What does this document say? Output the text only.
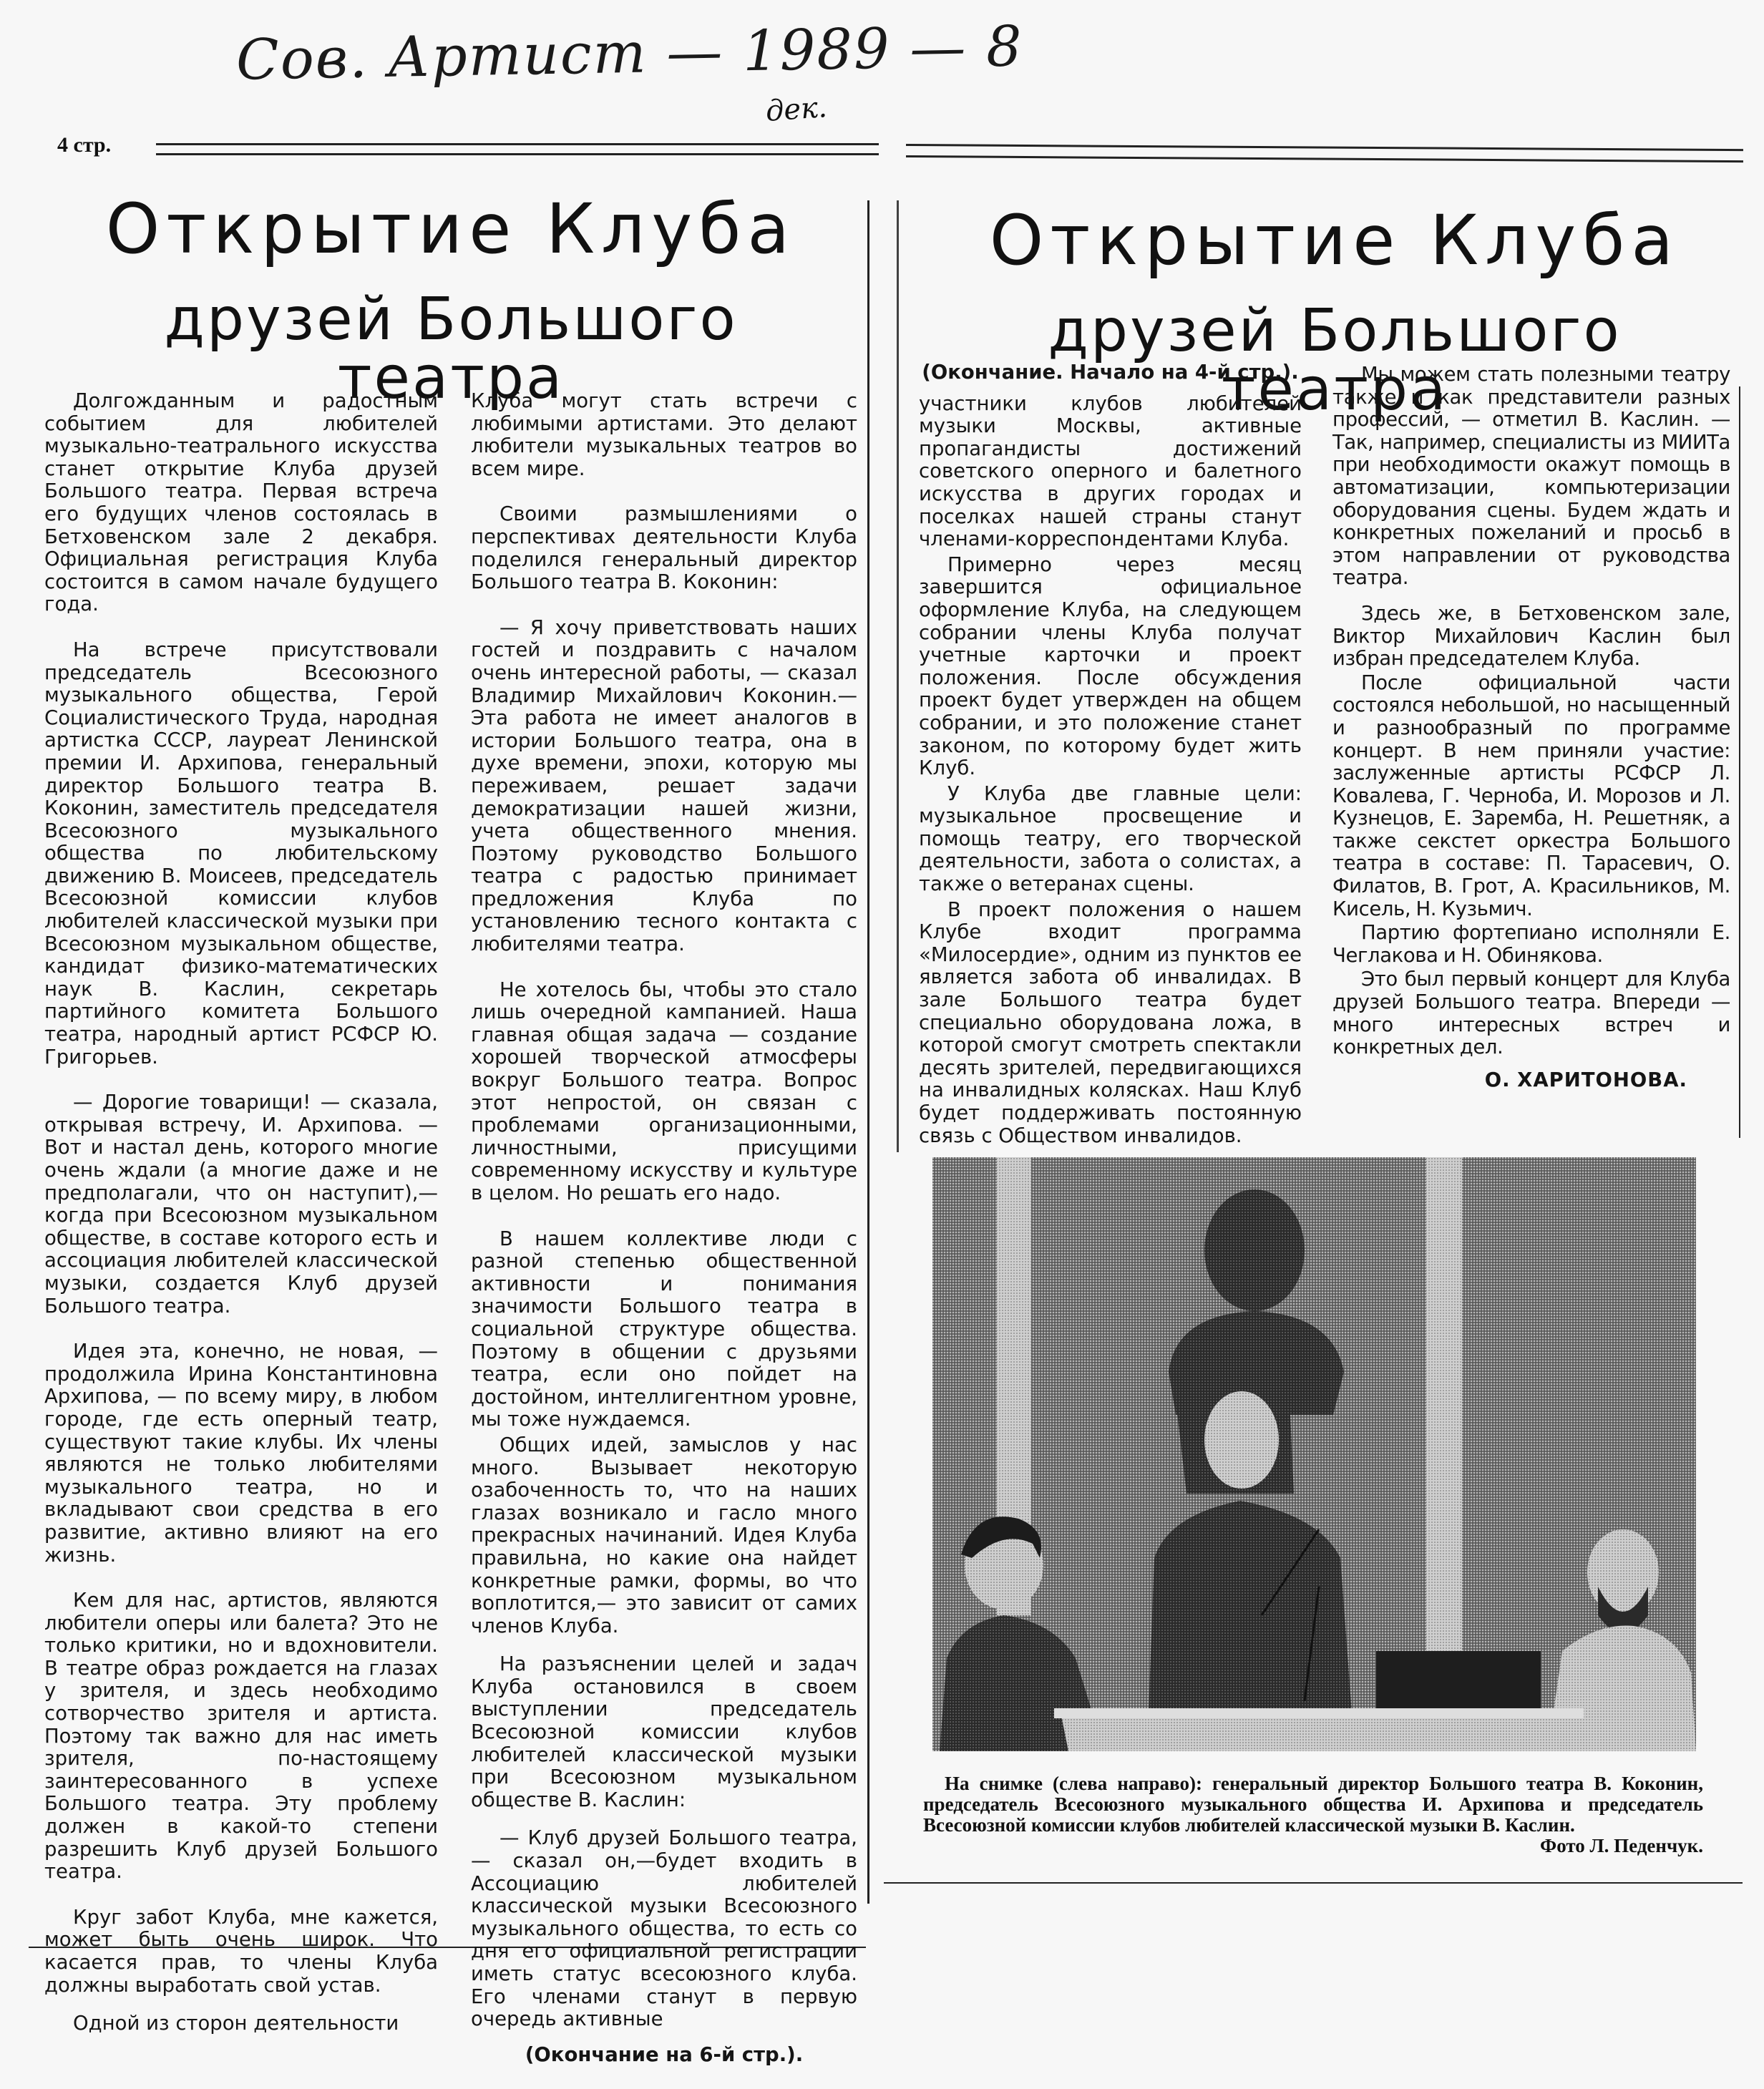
Сов. Артист — 1989 — 8
дек.
4 стр.
Открытие Клуба
друзей Большого театра
Открытие Клуба
друзей Большого театра

Долгожданным и радостным событием для любителей музыкально-театрального искусства станет открытие Клуба друзей Большого театра. Первая встреча его будущих членов состоялась в Бетховенском зале 2 декабря. Официальная регистрация Клуба состоится в самом начале будущего года.

На встрече присутствовали председатель Всесоюзного музыкального общества, Герой Социалистического Труда, народная артистка СССР, лауреат Ленинской премии И. Архипова, генеральный директор Большого театра В. Коконин, заместитель председателя Всесоюзного музыкального общества по любительскому движению В. Моисеев, председатель Всесоюзной комиссии клубов любителей классической музыки при Всесоюзном музыкальном обществе, кандидат физико-математических наук В. Каслин, секретарь партийного комитета Большого театра, народный артист РСФСР Ю. Григорьев.

— Дорогие товарищи! — сказала, открывая встречу, И. Архипова. — Вот и настал день, которого многие очень ждали (а многие даже и не предполагали, что он наступит),— когда при Всесоюзном музыкальном обществе, в составе которого есть и ассоциация любителей классической музыки, создается Клуб друзей Большого театра.

Идея эта, конечно, не новая, — продолжила Ирина Константиновна Архипова, — по всему миру, в любом городе, где есть оперный театр, существуют такие клубы. Их члены являются не только любителями музыкального театра, но и вкладывают свои средства в его развитие, активно влияют на его жизнь.

Кем для нас, артистов, являются любители оперы или балета? Это не только критики, но и вдохновители. В театре образ рождается на глазах у зрителя, и здесь необходимо сотворчество зрителя и артиста. Поэтому так важно для нас иметь зрителя, по-настоящему заинтересованного в успехе Большого театра. Эту проблему должен в какой-то степени разрешить Клуб друзей Большого театра.

Круг забот Клуба, мне кажется, может быть очень широк. Что касается прав, то члены Клуба должны выработать свой устав.

Одной из сторон деятельности

Клуба могут стать встречи с любимыми артистами. Это делают любители музыкальных театров во всем мире.

Своими размышлениями о перспективах деятельности Клуба поделился генеральный директор Большого театра В. Коконин:

— Я хочу приветствовать наших гостей и поздравить с началом очень интересной работы, — сказал Владимир Михайлович Коконин.—Эта работа не имеет аналогов в истории Большого театра, она в духе времени, эпохи, которую мы переживаем, решает задачи демократизации нашей жизни, учета общественного мнения. Поэтому руководство Большого театра с радостью принимает предложения Клуба по установлению тесного контакта с любителями театра.

Не хотелось бы, чтобы это стало лишь очередной кампанией. Наша главная общая задача — создание хорошей творческой атмосферы вокруг Большого театра. Вопрос этот непростой, он связан с проблемами организационными, личностными, присущими современному искусству и культуре в целом. Но решать его надо.

В нашем коллективе люди с разной степенью общественной активности и понимания значимости Большого театра в социальной структуре общества. Поэтому в общении с друзьями театра, если оно пойдет на достойном, интеллигентном уровне, мы тоже нуждаемся.

Общих идей, замыслов у нас много. Вызывает некоторую озабоченность то, что на наших глазах возникало и гасло много прекрасных начинаний. Идея Клуба правильна, но какие она найдет конкретные рамки, формы, во что воплотится,— это зависит от самих членов Клуба.

На разъяснении целей и задач Клуба остановился в своем выступлении председатель Всесоюзной комиссии клубов любителей классической музыки при Всесоюзном музыкальном обществе В. Каслин:

— Клуб друзей Большого театра,— сказал он,—будет входить в Ассоциацию любителей классической музыки Всесоюзного музыкального общества, то есть со дня его официальной регистрации иметь статус всесоюзного клуба. Его членами станут в первую очередь активные

(Окончание на 6-й стр.).

(Окончание. Начало на 4-й стр.).

участники клубов любителей музыки Москвы, активные пропагандисты достижений советского оперного и балетного искусства в других городах и поселках нашей страны станут членами-корреспондентами Клуба.

Примерно через месяц завершится официальное оформление Клуба, на следующем собрании члены Клуба получат учетные карточки и проект положения. После обсуждения проект будет утвержден на общем собрании, и это положение станет законом, по которому будет жить Клуб.

У Клуба две главные цели: музыкальное просвещение и помощь театру, его творческой деятельности, забота о солистах, а также о ветеранах сцены.

В проект положения о нашем Клубе входит программа «Милосердие», одним из пунктов ее является забота об инвалидах. В зале Большого театра будет специально оборудована ложа, в которой смогут смотреть спектакли десять зрителей, передвигающихся на инвалидных колясках. Наш Клуб будет поддерживать постоянную связь с Обществом инвалидов.

Мы можем стать полезными театру также и как представители разных профессий, — отметил В. Каслин. — Так, например, специалисты из МИИТа при необходимости окажут помощь в автоматизации, компьютеризации оборудования сцены. Будем ждать и конкретных пожеланий и просьб в этом направлении от руководства театра.

Здесь же, в Бетховенском зале, Виктор Михайлович Каслин был избран председателем Клуба.

После официальной части состоялся небольшой, но насыщенный и разнообразный по программе концерт. В нем приняли участие: заслуженные артисты РСФСР Л. Ковалева, Г. Черноба, И. Морозов и Л. Кузнецов, Е. Заремба, Н. Решетняк, а также секстет оркестра Большого театра в составе: П. Тарасевич, О. Филатов, В. Грот, А. Красильников, М. Кисель, Н. Кузьмич.

Партию фортепиано исполняли Е. Чеглакова и Н. Обинякова.

Это был первый концерт для Клуба друзей Большого театра. Впереди — много интересных встреч и конкретных дел.

О. ХАРИТОНОВА.

На снимке (слева направо): генеральный директор Большого театра В. Коконин, председатель Всесоюзного музыкального общества И. Архипова и председатель Всесоюзной комиссии клубов любителей классической музыки В. Каслин.
Фото Л. Педенчук.
